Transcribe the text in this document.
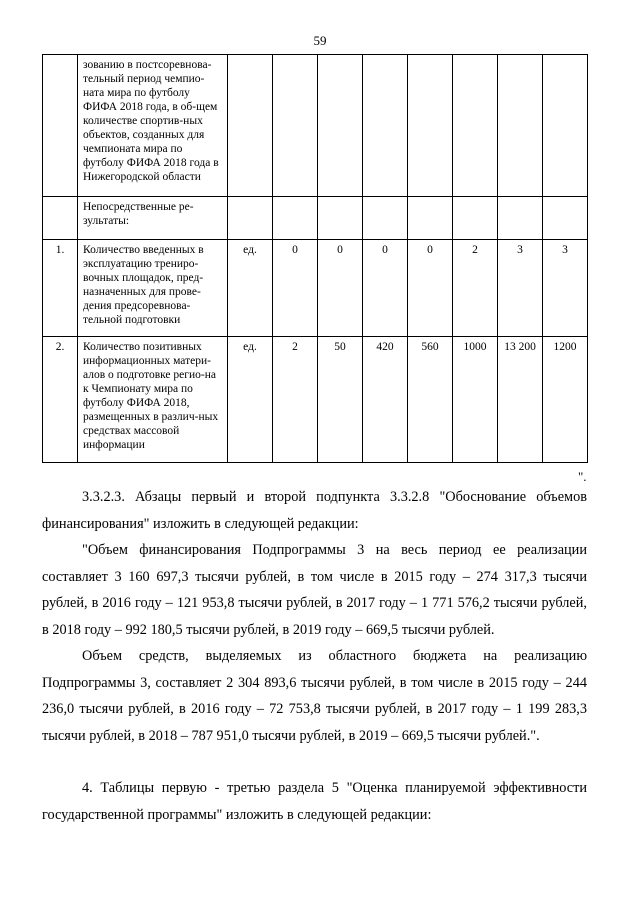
59
	зованию в постсоревнова-тельный период чемпио-ната мира по футболу ФИФА 2018 года, в об-щем количестве спортив-ных объектов, созданных для чемпионата мира по футболу ФИФА 2018 года в Нижегородской области								
	Непосредственные ре-зультаты:								
1.	Количество введенных в эксплуатацию трениро-вочных площадок, пред-назначенных для прове-дения предсоревнова-тельной подготовки	ед.	0	0	0	0	2	3	3
2.	Количество позитивных информационных матери-алов о подготовке регио-на к Чемпионату мира по футболу ФИФА 2018, размещенных в различ-ных средствах массовой информации	ед.	2	50	420	560	1000	13 200	1200
".

3.3.2.3. Абзацы первый и второй подпункта 3.3.2.8 "Обоснование объемов финансирования" изложить в следующей редакции:

"Объем финансирования Подпрограммы 3 на весь период ее реализации составляет 3 160 697,3 тысячи рублей, в том числе в 2015 году – 274 317,3 тысячи рублей, в 2016 году – 121 953,8 тысячи рублей, в 2017 году – 1 771 576,2 тысячи рублей, в 2018 году – 992 180,5 тысячи рублей, в 2019 году – 669,5 тысячи рублей.

Объем средств, выделяемых из областного бюджета на реализацию Подпрограммы 3, составляет 2 304 893,6 тысячи рублей, в том числе в 2015 году – 244 236,0 тысячи рублей, в 2016 году – 72 753,8 тысячи рублей, в 2017 году – 1 199 283,3 тысячи рублей, в 2018 – 787 951,0 тысячи рублей, в 2019 – 669,5 тысячи рублей.".

4. Таблицы первую - третью раздела 5 "Оценка планируемой эффективности государственной программы" изложить в следующей редакции:
